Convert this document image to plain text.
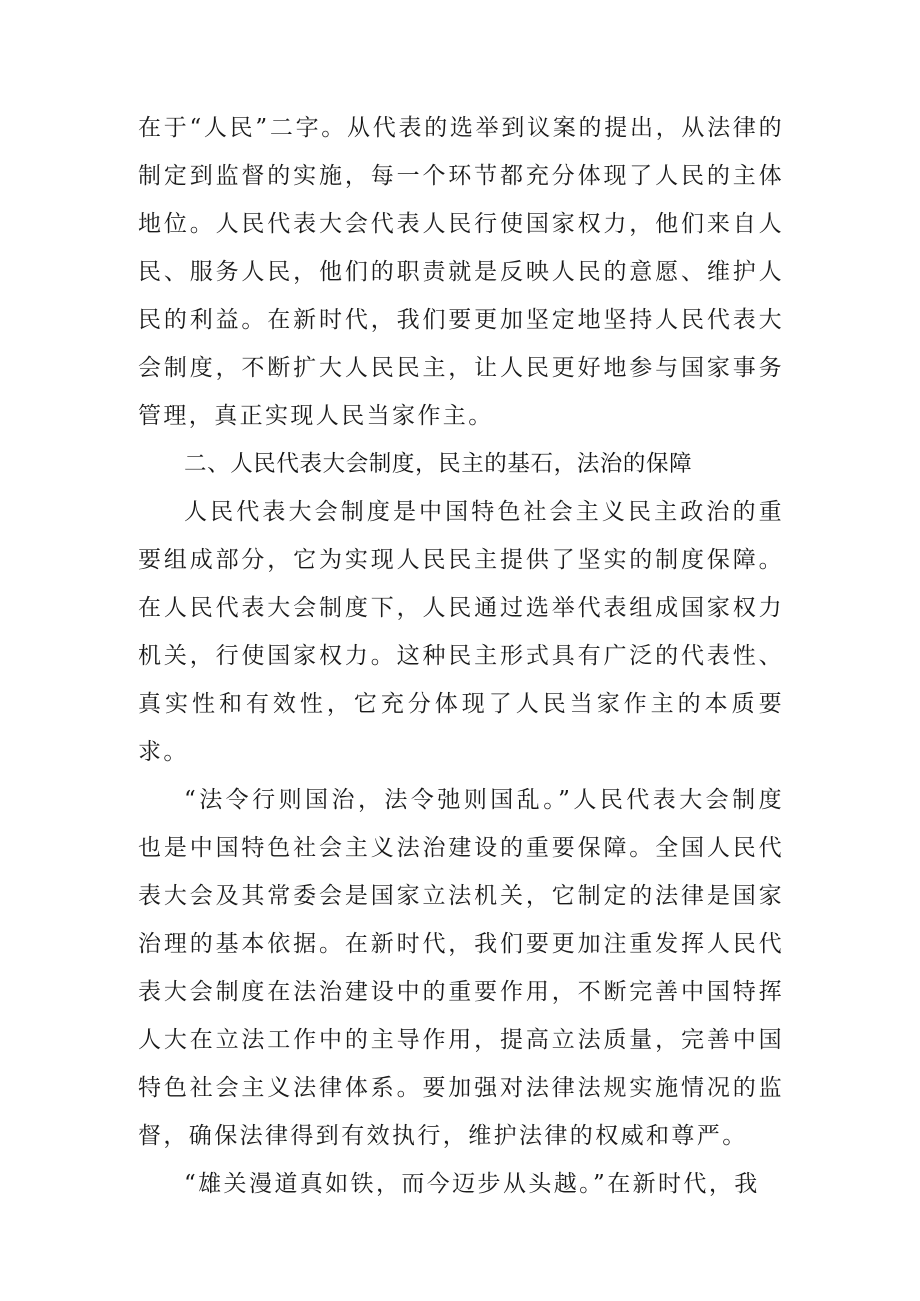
在于“人民”二字。从代表的选举到议案的提出，从法律的制定到监督的实施，每一个环节都充分体现了人民的主体地位。人民代表大会代表人民行使国家权力，他们来自人民、服务人民，他们的职责就是反映人民的意愿、维护人民的利益。在新时代，我们要更加坚定地坚持人民代表大会制度，不断扩大人民民主，让人民更好地参与国家事务管理，真正实现人民当家作主。

二、人民代表大会制度，民主的基石，法治的保障

人民代表大会制度是中国特色社会主义民主政治的重要组成部分，它为实现人民民主提供了坚实的制度保障。在人民代表大会制度下，人民通过选举代表组成国家权力机关，行使国家权力。这种民主形式具有广泛的代表性、真实性和有效性，它充分体现了人民当家作主的本质要求。

“法令行则国治，法令弛则国乱。”人民代表大会制度也是中国特色社会主义法治建设的重要保障。全国人民代表大会及其常委会是国家立法机关，它制定的法律是国家治理的基本依据。在新时代，我们要更加注重发挥人民代表大会制度在法治建设中的重要作用，不断完善中国特挥人大在立法工作中的主导作用，提高立法质量，完善中国特色社会主义法律体系。要加强对法律法规实施情况的监督，确保法律得到有效执行，维护法律的权威和尊严。

“雄关漫道真如铁，而今迈步从头越。”在新时代，我
